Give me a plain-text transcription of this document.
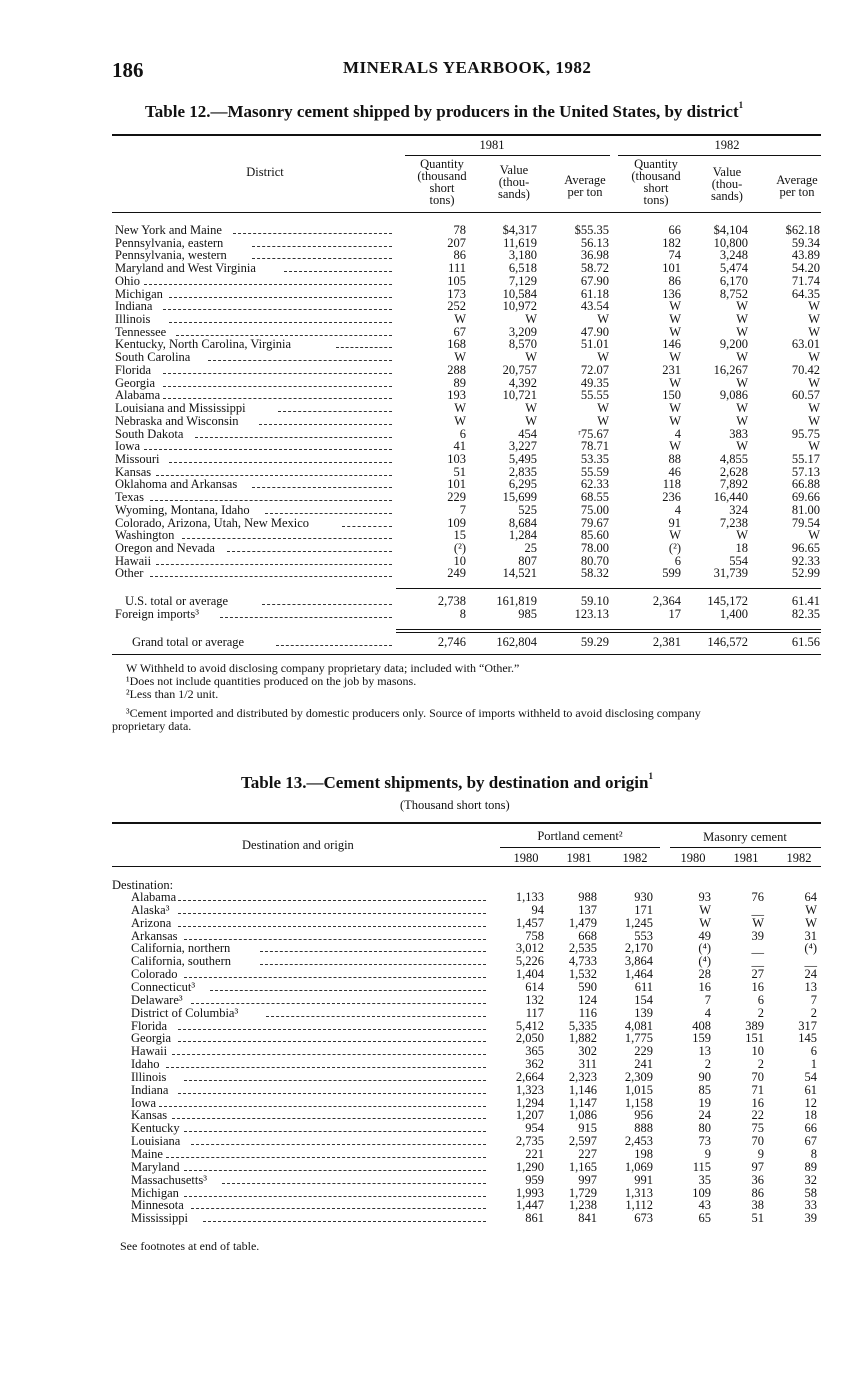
186	MINERALS YEARBOOK, 1982
Table 12.—Masonry cement shipped by producers in the United States, by district$^1$
1981	1982
District
Quantity
(thousand
short
tons)
Value
(thou-
sands)
Average
per ton
Quantity
(thousand
short
tons)
Value
(thou-
sands)
Average
per ton
New York and Maine	78	$4,317	$55.35	66	$4,104	$62.18
Pennsylvania, eastern	207	11,619	56.13	182	10,800	59.34
Pennsylvania, western	86	3,180	36.98	74	3,248	43.89
Maryland and West Virginia	111	6,518	58.72	101	5,474	54.20
Ohio	105	7,129	67.90	86	6,170	71.74
Michigan	173	10,584	61.18	136	8,752	64.35
Indiana	252	10,972	43.54	W	W	W
Illinois	W	W	W	W	W	W
Tennessee	67	3,209	47.90	W	W	W
Kentucky, North Carolina, Virginia	168	8,570	51.01	146	9,200	63.01
South Carolina	W	W	W	W	W	W
Florida	288	20,757	72.07	231	16,267	70.42
Georgia	89	4,392	49.35	W	W	W
Alabama	193	10,721	55.55	150	9,086	60.57
Louisiana and Mississippi	W	W	W	W	W	W
Nebraska and Wisconsin	W	W	W	W	W	W
South Dakota	6	454	ʳ75.67	4	383	95.75
Iowa	41	3,227	78.71	W	W	W
Missouri	103	5,495	53.35	88	4,855	55.17
Kansas	51	2,835	55.59	46	2,628	57.13
Oklahoma and Arkansas	101	6,295	62.33	118	7,892	66.88
Texas	229	15,699	68.55	236	16,440	69.66
Wyoming, Montana, Idaho	7	525	75.00	4	324	81.00
Colorado, Arizona, Utah, New Mexico	109	8,684	79.67	91	7,238	79.54
Washington	15	1,284	85.60	W	W	W
Oregon and Nevada	(²)	25	78.00	(²)	18	96.65
Hawaii	10	807	80.70	6	554	92.33
Other	249	14,521	58.32	599	31,739	52.99
U.S. total or average	2,738	161,819	59.10	2,364	145,172	61.41
Foreign imports³	8	985	123.13	17	1,400	82.35
Grand total or average	2,746	162,804	59.29	2,381	146,572	61.56
W Withheld to avoid disclosing company proprietary data; included with “Other.”
¹Does not include quantities produced on the job by masons.
²Less than 1/2 unit.
³Cement imported and distributed by domestic producers only. Source of imports withheld to avoid disclosing company
proprietary data.
Table 13.—Cement shipments, by destination and origin$^1$
(Thousand short tons)
Destination and origin
Portland cement²	Masonry cement
1980	1981	1982	1980	1981	1982
Destination:
Alabama	1,133	988	930	93	76	64
Alaska³	94	137	171	W	__	W
Arizona	1,457	1,479	1,245	W	W	W
Arkansas	758	668	553	49	39	31
California, northern	3,012	2,535	2,170	(⁴)	__	(⁴)
California, southern	5,226	4,733	3,864	(⁴)	__	__
Colorado	1,404	1,532	1,464	28	27	24
Connecticut³	614	590	611	16	16	13
Delaware³	132	124	154	7	6	7
District of Columbia³	117	116	139	4	2	2
Florida	5,412	5,335	4,081	408	389	317
Georgia	2,050	1,882	1,775	159	151	145
Hawaii	365	302	229	13	10	6
Idaho	362	311	241	2	2	1
Illinois	2,664	2,323	2,309	90	70	54
Indiana	1,323	1,146	1,015	85	71	61
Iowa	1,294	1,147	1,158	19	16	12
Kansas	1,207	1,086	956	24	22	18
Kentucky	954	915	888	80	75	66
Louisiana	2,735	2,597	2,453	73	70	67
Maine	221	227	198	9	9	8
Maryland	1,290	1,165	1,069	115	97	89
Massachusetts³	959	997	991	35	36	32
Michigan	1,993	1,729	1,313	109	86	58
Minnesota	1,447	1,238	1,112	43	38	33
Mississippi	861	841	673	65	51	39
See footnotes at end of table.
